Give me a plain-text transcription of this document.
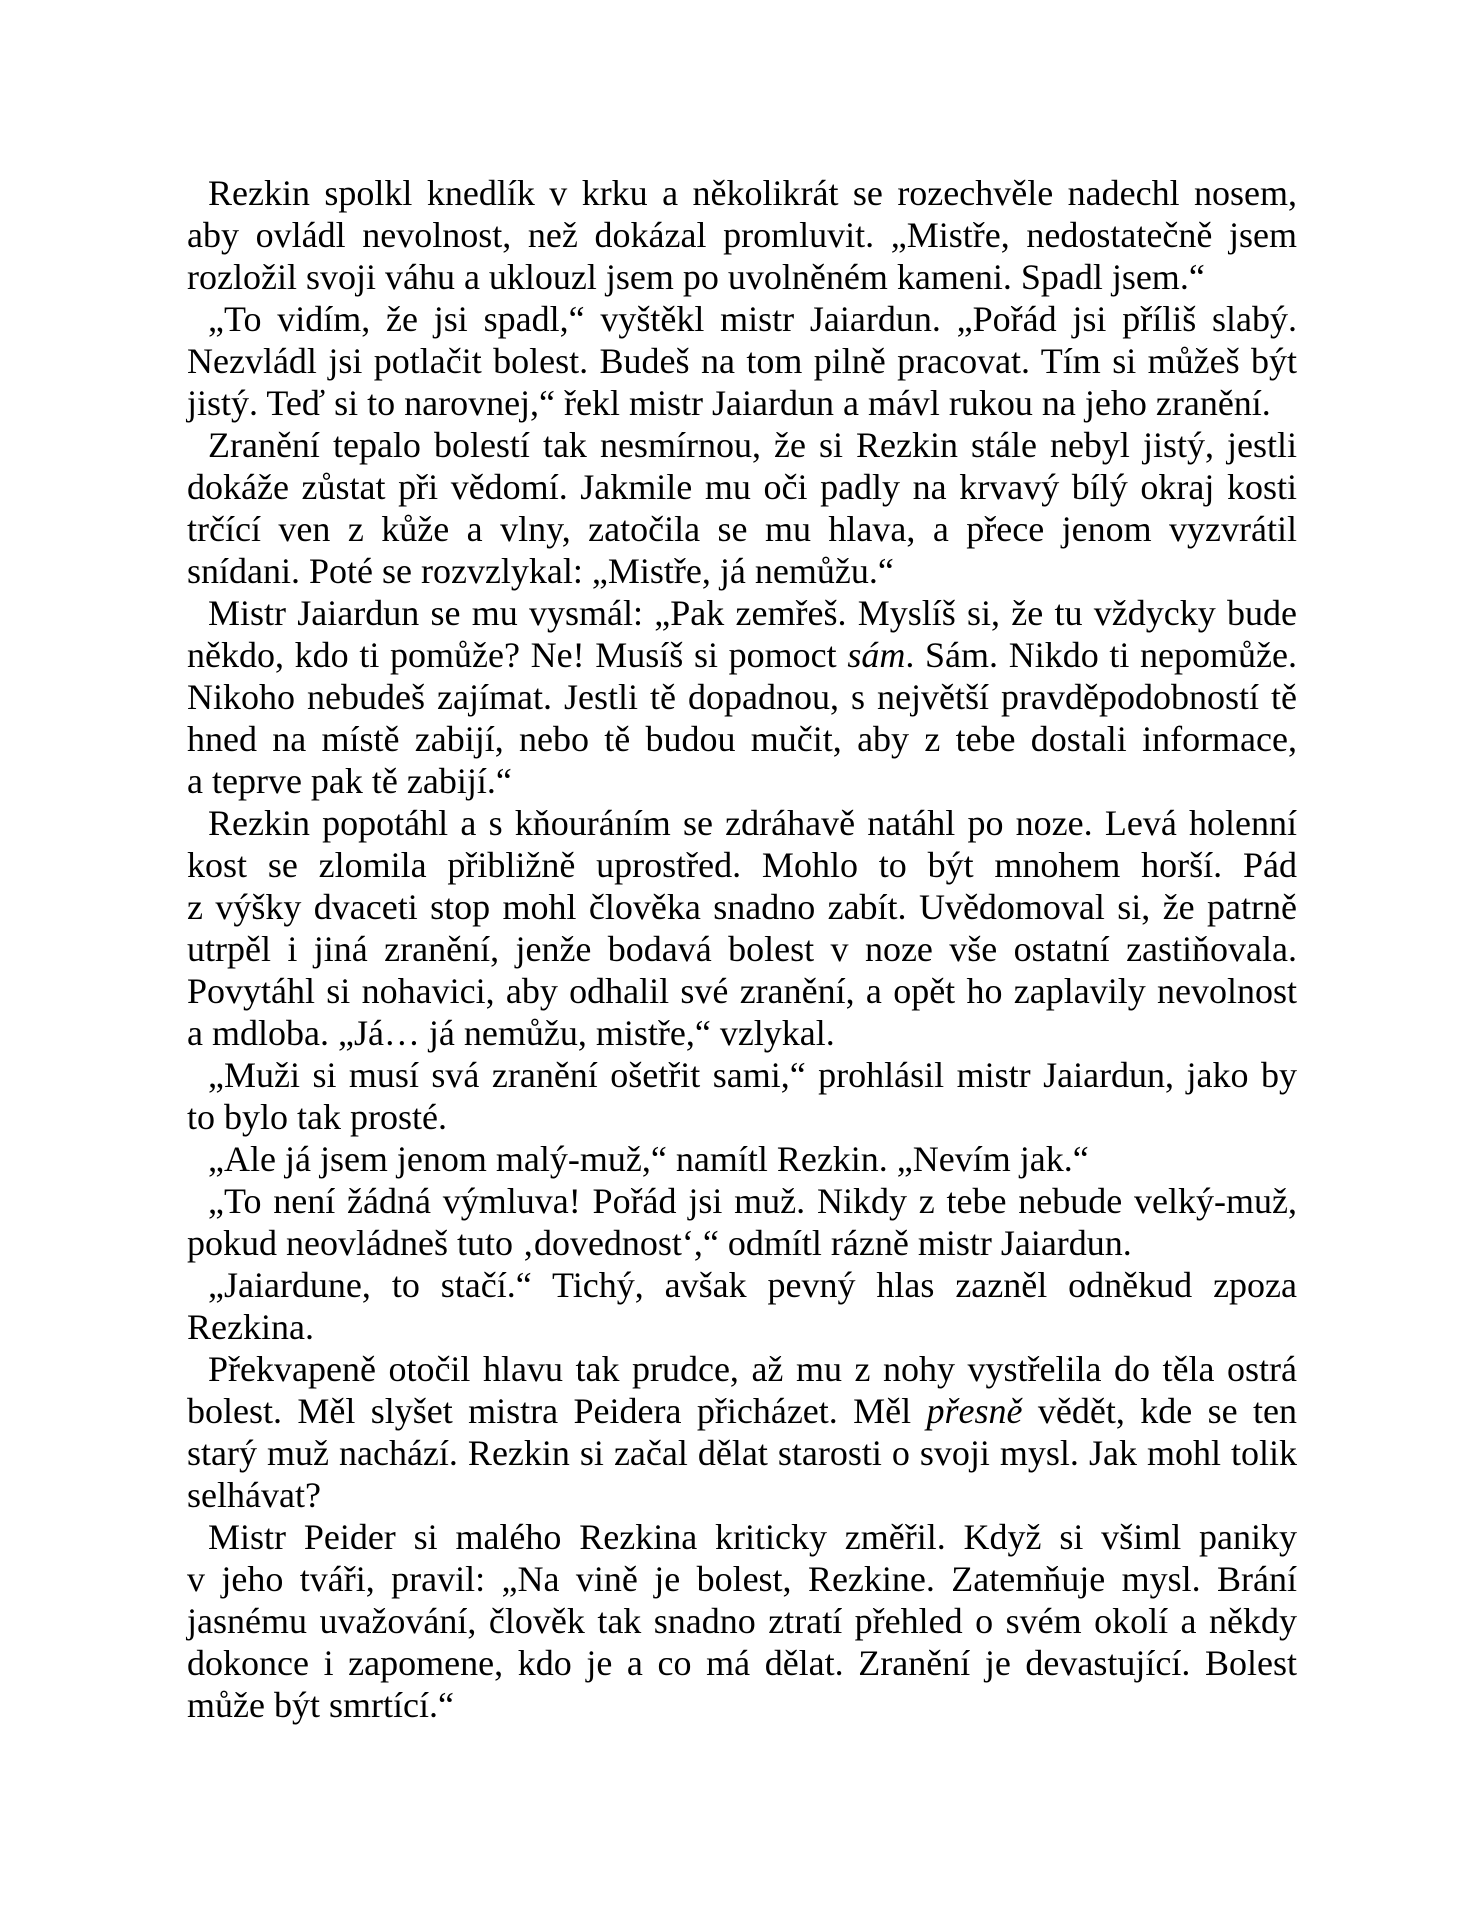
Rezkin spolkl knedlík v krku a několikrát se rozechvěle nadechl nosem,
aby ovládl nevolnost, než dokázal promluvit. „Mistře, nedostatečně jsem
rozložil svoji váhu a uklouzl jsem po uvolněném kameni. Spadl jsem.“
„To vidím, že jsi spadl,“ vyštěkl mistr Jaiardun. „Pořád jsi příliš slabý.
Nezvládl jsi potlačit bolest. Budeš na tom pilně pracovat. Tím si můžeš být
jistý. Teď si to narovnej,“ řekl mistr Jaiardun a mávl rukou na jeho zranění.
Zranění tepalo bolestí tak nesmírnou, že si Rezkin stále nebyl jistý, jestli
dokáže zůstat při vědomí. Jakmile mu oči padly na krvavý bílý okraj kosti
trčící ven z kůže a vlny, zatočila se mu hlava, a přece jenom vyzvrátil
snídani. Poté se rozvzlykal: „Mistře, já nemůžu.“
Mistr Jaiardun se mu vysmál: „Pak zemřeš. Myslíš si, že tu vždycky bude
někdo, kdo ti pomůže? Ne! Musíš si pomoct sám. Sám. Nikdo ti nepomůže.
Nikoho nebudeš zajímat. Jestli tě dopadnou, s největší pravděpodobností tě
hned na místě zabijí, nebo tě budou mučit, aby z tebe dostali informace,
a teprve pak tě zabijí.“
Rezkin popotáhl a s kňouráním se zdráhavě natáhl po noze. Levá holenní
kost se zlomila přibližně uprostřed. Mohlo to být mnohem horší. Pád
z výšky dvaceti stop mohl člověka snadno zabít. Uvědomoval si, že patrně
utrpěl i jiná zranění, jenže bodavá bolest v noze vše ostatní zastiňovala.
Povytáhl si nohavici, aby odhalil své zranění, a opět ho zaplavily nevolnost
a mdloba. „Já… já nemůžu, mistře,“ vzlykal.
„Muži si musí svá zranění ošetřit sami,“ prohlásil mistr Jaiardun, jako by
to bylo tak prosté.
„Ale já jsem jenom malý-muž,“ namítl Rezkin. „Nevím jak.“
„To není žádná výmluva! Pořád jsi muž. Nikdy z tebe nebude velký-muž,
pokud neovládneš tuto ‚dovednost‘,“ odmítl rázně mistr Jaiardun.
„Jaiardune, to stačí.“ Tichý, avšak pevný hlas zazněl odněkud zpoza
Rezkina.
Překvapeně otočil hlavu tak prudce, až mu z nohy vystřelila do těla ostrá
bolest. Měl slyšet mistra Peidera přicházet. Měl přesně vědět, kde se ten
starý muž nachází. Rezkin si začal dělat starosti o svoji mysl. Jak mohl tolik
selhávat?
Mistr Peider si malého Rezkina kriticky změřil. Když si všiml paniky
v jeho tváři, pravil: „Na vině je bolest, Rezkine. Zatemňuje mysl. Brání
jasnému uvažování, člověk tak snadno ztratí přehled o svém okolí a někdy
dokonce i zapomene, kdo je a co má dělat. Zranění je devastující. Bolest
může být smrtící.“
